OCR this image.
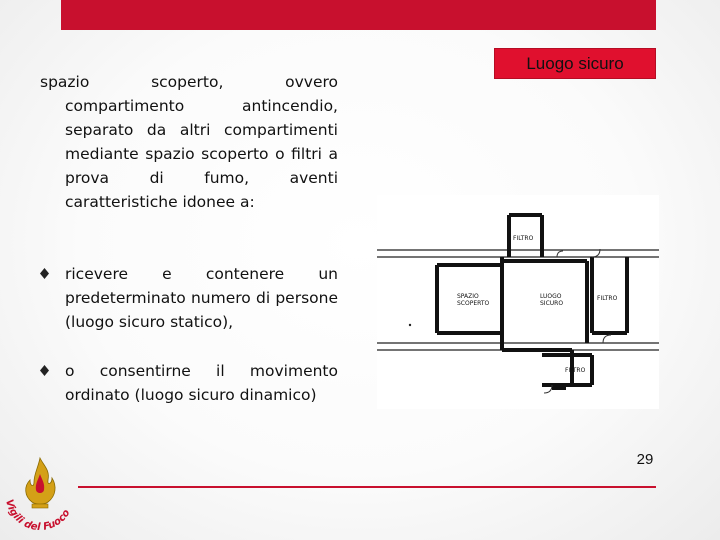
Luogo sicuro

spazio scoperto, ovvero compartimento antincendio, separato da altri compartimenti mediante spazio scoperto o filtri a prova di fumo, aventi caratteristiche idonee a:

ricevere e contenere un predeterminato numero di persone (luogo sicuro statico),

o consentirne il movimento ordinato (luogo sicuro dinamico)

FILTRO
SPAZIO
SCOPERTO
LUOGO
SICURO
FILTRO
FILTRO
29
Vigili del Fuoco
